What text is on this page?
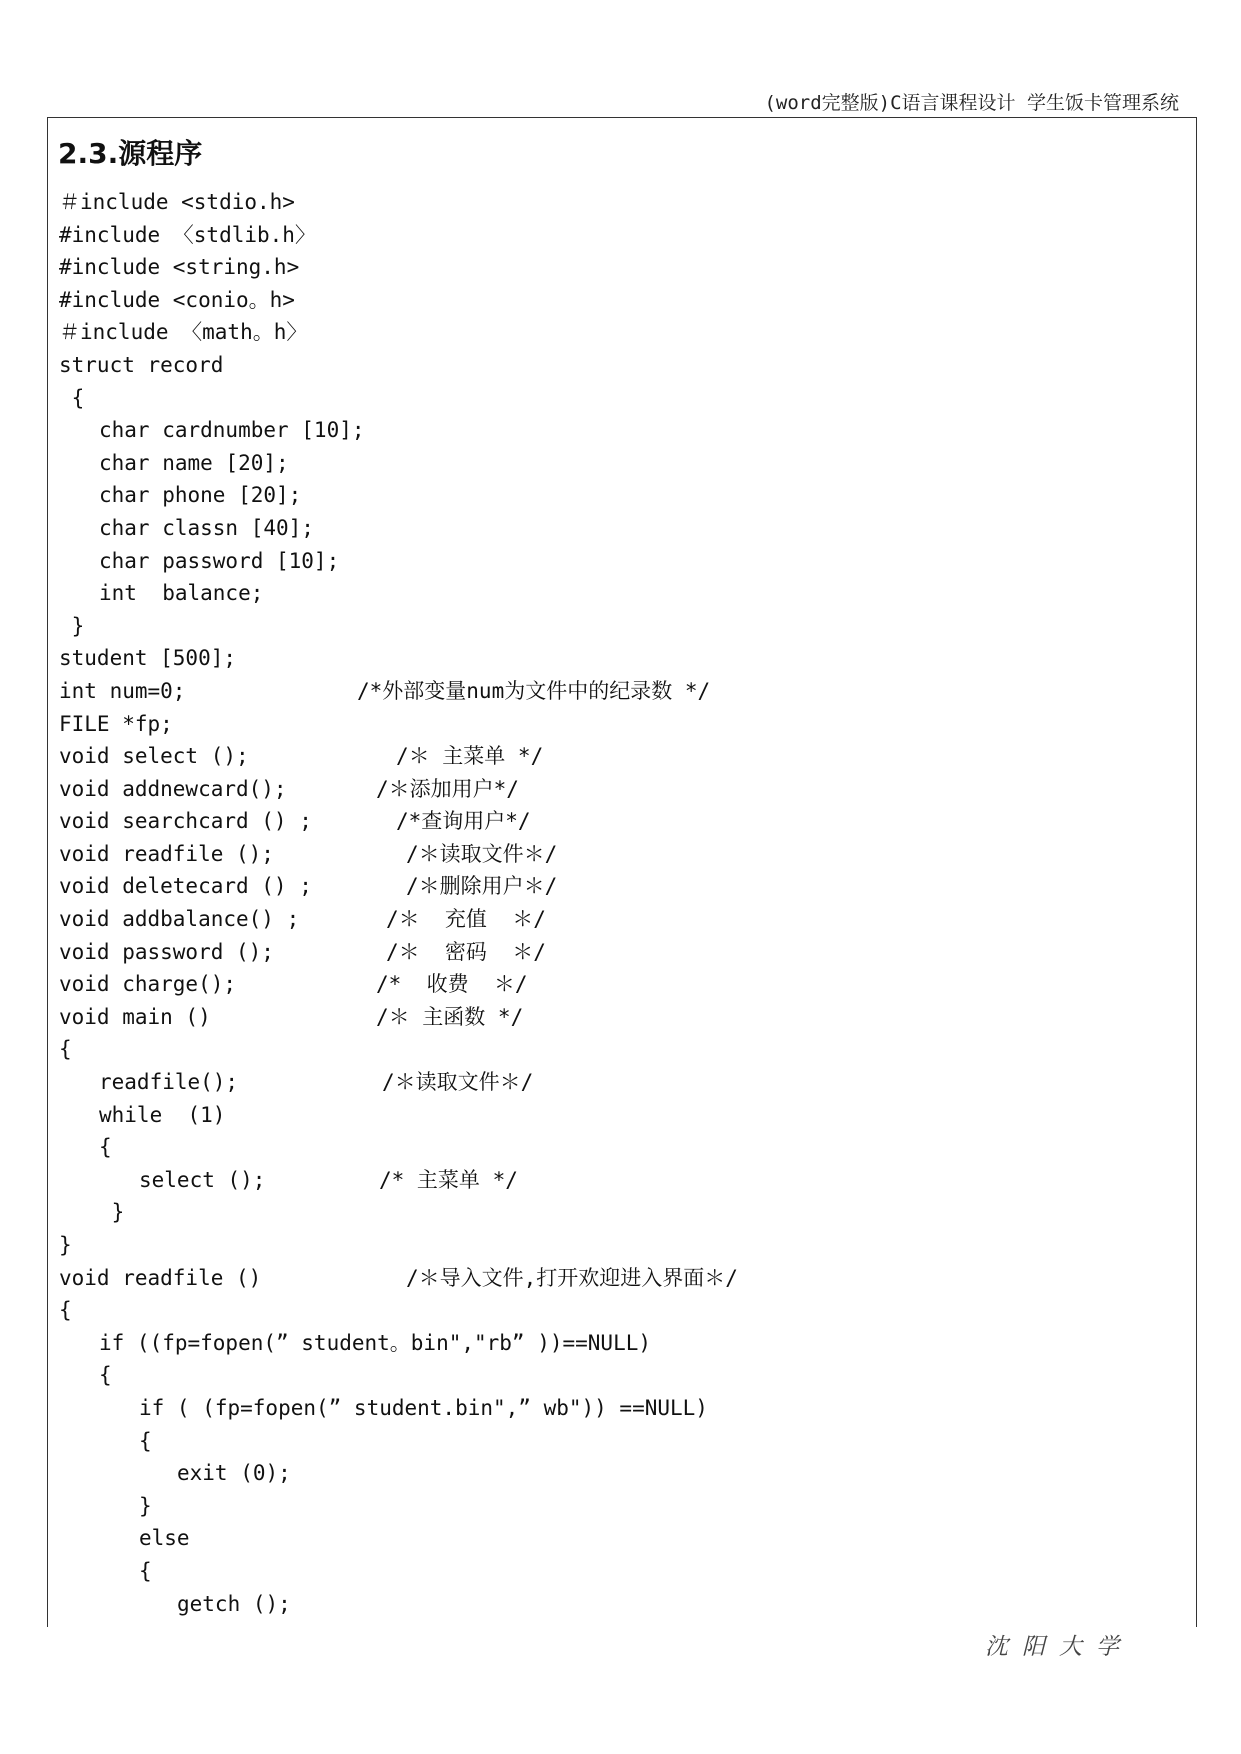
(word完整版)C语言课程设计 学生饭卡管理系统
2.3.源程序
＃include <stdio.h>
#include 〈stdlib.h〉
#include <string.h>
#include <conio。h>
＃include 〈math。h〉
struct record
{
char cardnumber [10];
char name [20];
char phone [20];
char classn [40];
char password [10];
int  balance;
}
student [500];
int num=0;	/*外部变量num为文件中的纪录数 */
FILE *fp;
void select ();	/＊ 主菜单 */
void addnewcard();	/＊添加用户*/
void searchcard () ;	/*查询用户*/
void readfile ();	/＊读取文件＊/
void deletecard () ;	/＊删除用户＊/
void addbalance() ;	/＊  充值  ＊/
void password ();	/＊  密码  ＊/
void charge();	/*  收费  ＊/
void main ()	/＊ 主函数 */
{
readfile();	/＊读取文件＊/
while  (1)
{
select ();	/* 主菜单 */
}
}
void readfile ()	/＊导入文件,打开欢迎进入界面＊/
{
if ((fp=fopen(” student。bin","rb” ))==NULL)
{
if ( (fp=fopen(” student.bin",” wb")) ==NULL)
{
exit (0);
}
else
{
getch ();
沈阳大学
